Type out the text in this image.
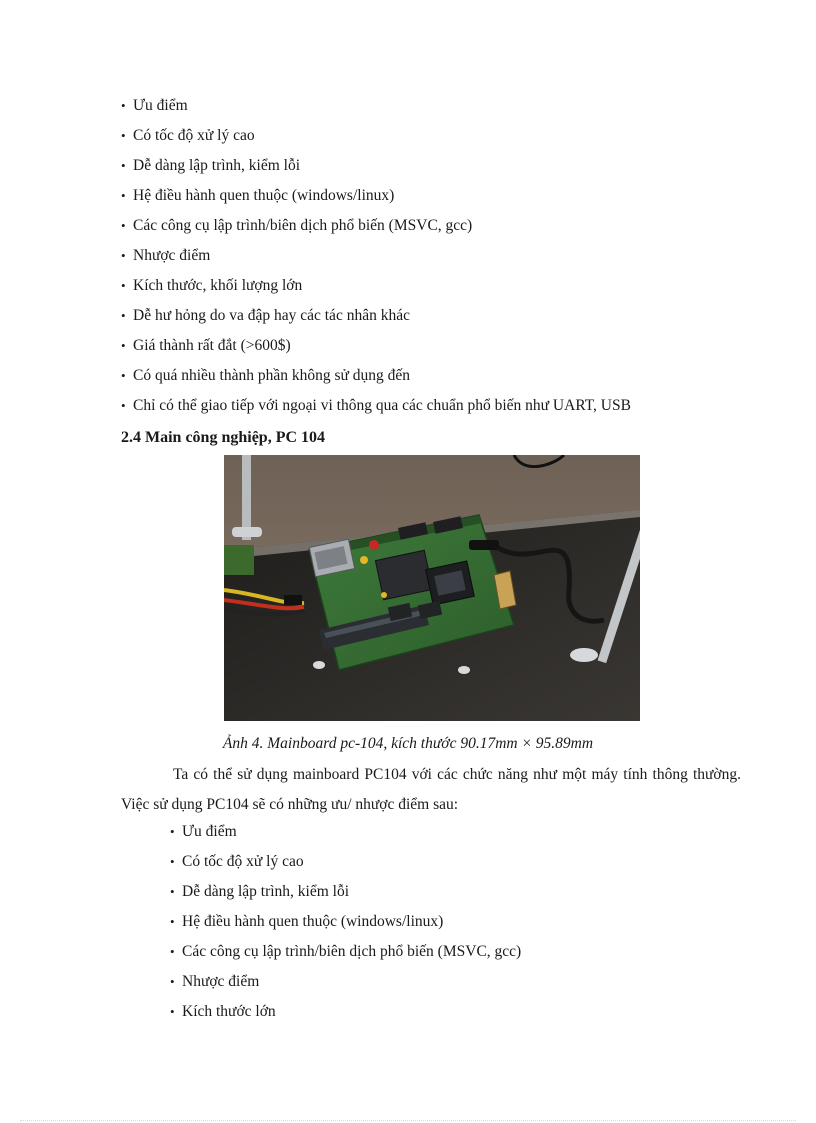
• Ưu điểm
• Có tốc độ xử lý cao
• Dễ dàng lập trình, kiểm lỗi
• Hệ điều hành quen thuộc (windows/linux)
• Các công cụ lập trình/biên dịch phổ biến (MSVC, gcc)
• Nhược điểm
• Kích thước, khối lượng lớn
• Dễ hư hỏng do va đập hay các tác nhân khác
• Giá thành rất đắt (>600$)
• Có quá nhiều thành phần không sử dụng đến
• Chỉ có thể giao tiếp với ngoại vi thông qua các chuẩn phổ biến như UART, USB
2.4 Main công nghiệp, PC 104
Ảnh 4. Mainboard pc-104, kích thước 90.17mm × 95.89mm

Ta có thể sử dụng mainboard PC104 với các chức năng như một máy tính thông thường. Việc sử dụng PC104 sẽ có những ưu/ nhược điểm sau:

• Ưu điểm
• Có tốc độ xử lý cao
• Dễ dàng lập trình, kiểm lỗi
• Hệ điều hành quen thuộc (windows/linux)
• Các công cụ lập trình/biên dịch phổ biến (MSVC, gcc)
• Nhược điểm
• Kích thước lớn
